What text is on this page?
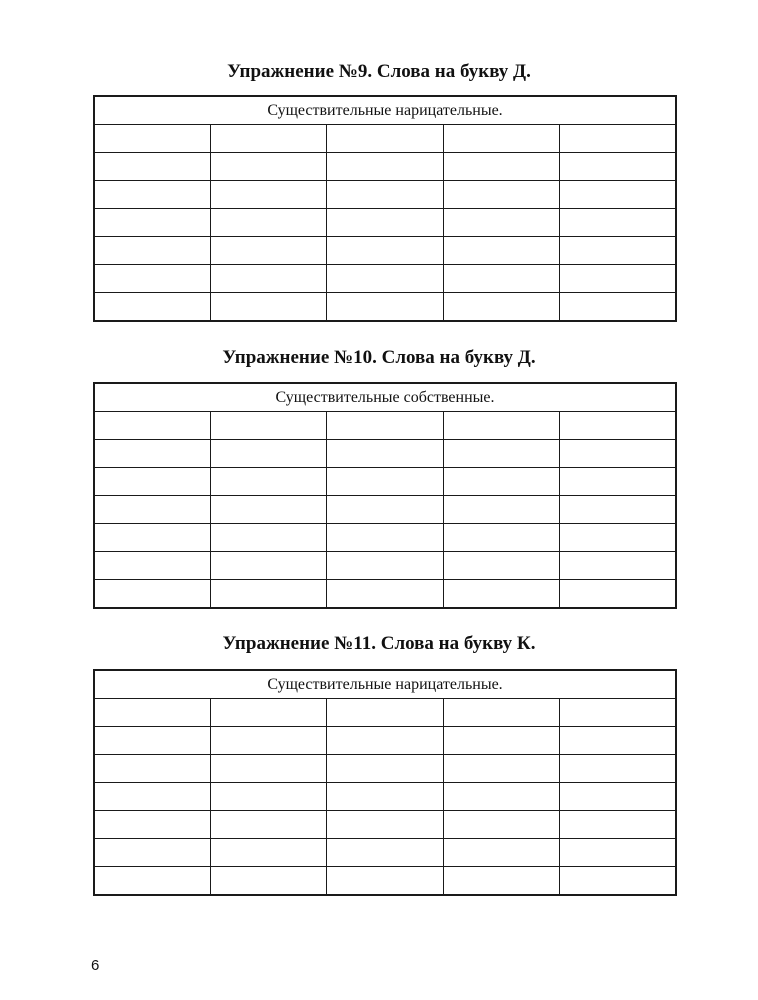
Упражнение №9. Слова на букву Д.
Существительные нарицательные.				

Упражнение №10. Слова на букву Д.
Существительные собственные.				

Упражнение №11. Слова на букву К.
Существительные нарицательные.				

6
